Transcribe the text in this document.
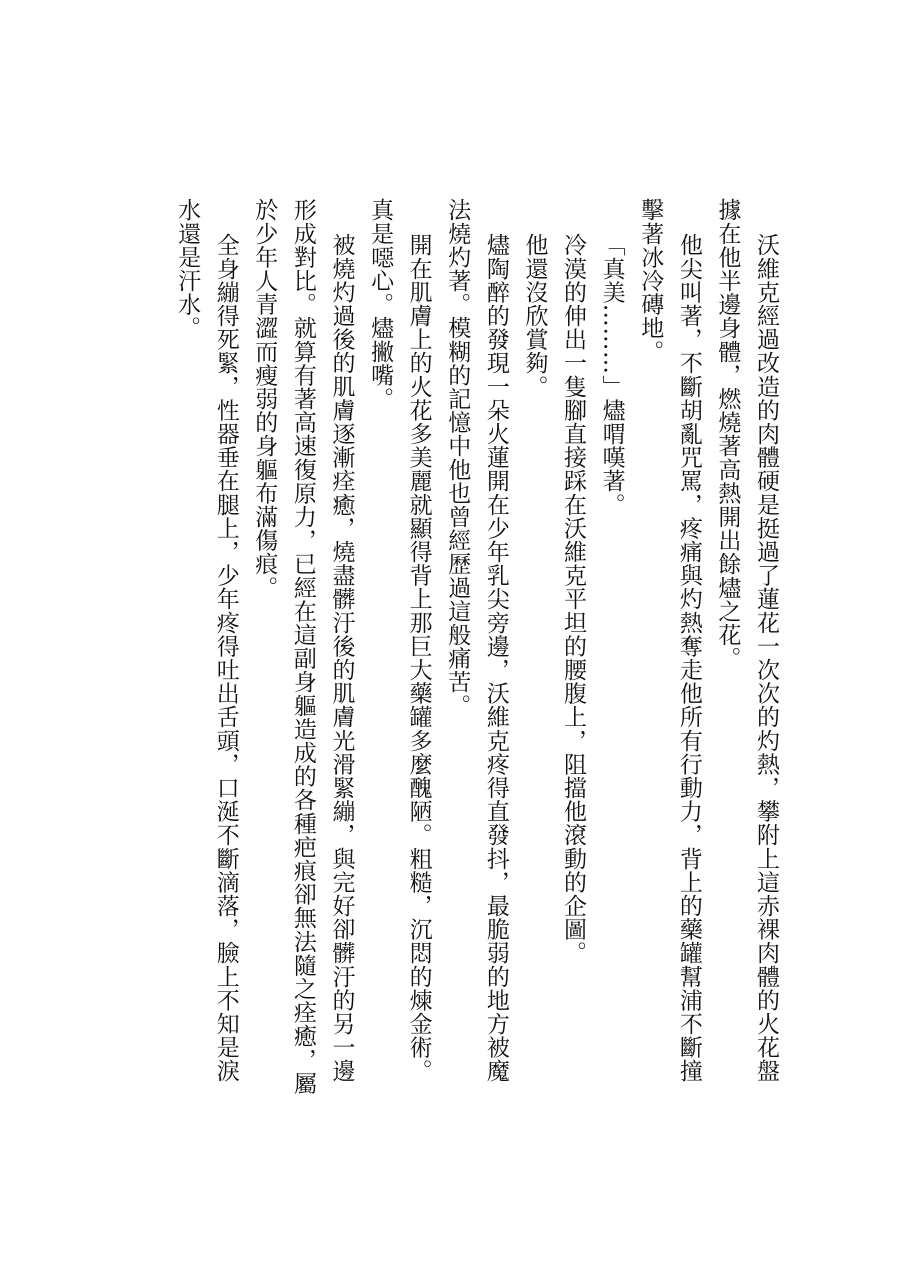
沃維克經過改造的肉體硬是挺過了蓮花一次次的灼熱，攀附上這赤裸肉體的火花盤據在他半邊身體，燃燒著高熱開出餘燼之花。

他尖叫著，不斷胡亂咒罵，疼痛與灼熱奪走他所有行動力，背上的藥罐幫浦不斷撞擊著冰冷磚地。

「真美………」燼喟嘆著。

冷漠的伸出一隻腳直接踩在沃維克平坦的腰腹上，阻擋他滾動的企圖。

他還沒欣賞夠。

燼陶醉的發現一朵火蓮開在少年乳尖旁邊，沃維克疼得直發抖，最脆弱的地方被魔法燒灼著。模糊的記憶中他也曾經歷過這般痛苦。

開在肌膚上的火花多美麗就顯得背上那巨大藥罐多麼醜陋。粗糙，沉悶的煉金術。真是噁心。燼撇嘴。

被燒灼過後的肌膚逐漸痊癒，燒盡髒汙後的肌膚光滑緊繃，與完好卻髒汙的另一邊形成對比。就算有著高速復原力，已經在這副身軀造成的各種疤痕卻無法隨之痊癒，屬於少年人青澀而瘦弱的身軀布滿傷痕。

全身繃得死緊，性器垂在腿上，少年疼得吐出舌頭，口涎不斷滴落，臉上不知是淚水還是汗水。
